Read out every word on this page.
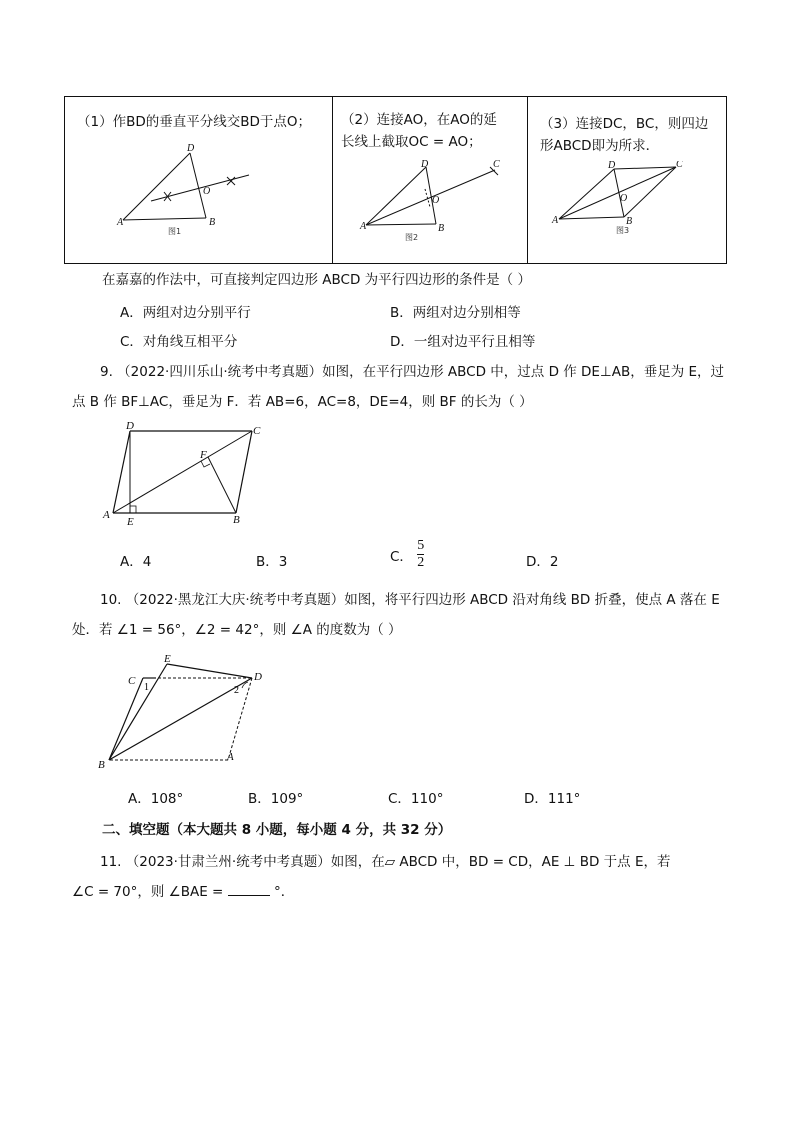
（1）作BD的垂直平分线交BD于点O；
A
D
B
O
图1
（2）连接AO，在AO的延
长线上截取OC = AO；
A
D
B
O
C
图2
（3）连接DC，BC，则四边
形ABCD即为所求．
A
D
B
O
C
图3
在嘉嘉的作法中，可直接判定四边形 ABCD 为平行四边形的条件是（ ）
A．两组对边分别平行	B．两组对边分别相等
C．对角线互相平分	D．一组对边平行且相等
9. （2022·四川乐山·统考中考真题）如图，在平行四边形 ABCD 中，过点 D 作 DE⊥AB，垂足为 E，过
点 B 作 BF⊥AC，垂足为 F．若 AB=6，AC=8，DE=4，则 BF 的长为（ ）
A
D	C
B
E
F
A．4	B．3	C． $\frac{5}{2}$	D．2
10. （2022·黑龙江大庆·统考中考真题）如图，将平行四边形 ABCD 沿对角线 BD 折叠，使点 A 落在 E
处．若 ∠1 = 56°，∠2 = 42°，则 ∠A 的度数为（ ）
B
C
E
D
A
1	2
A．108°	B．109°	C．110°	D．111°
二、填空题（本大题共 8 小题，每小题 4 分，共 32 分）
11. （2023·甘肃兰州·统考中考真题）如图，在▱ ABCD 中，BD = CD，AE ⊥ BD 于点 E，若
∠C = 70°，则 ∠BAE =	°．
